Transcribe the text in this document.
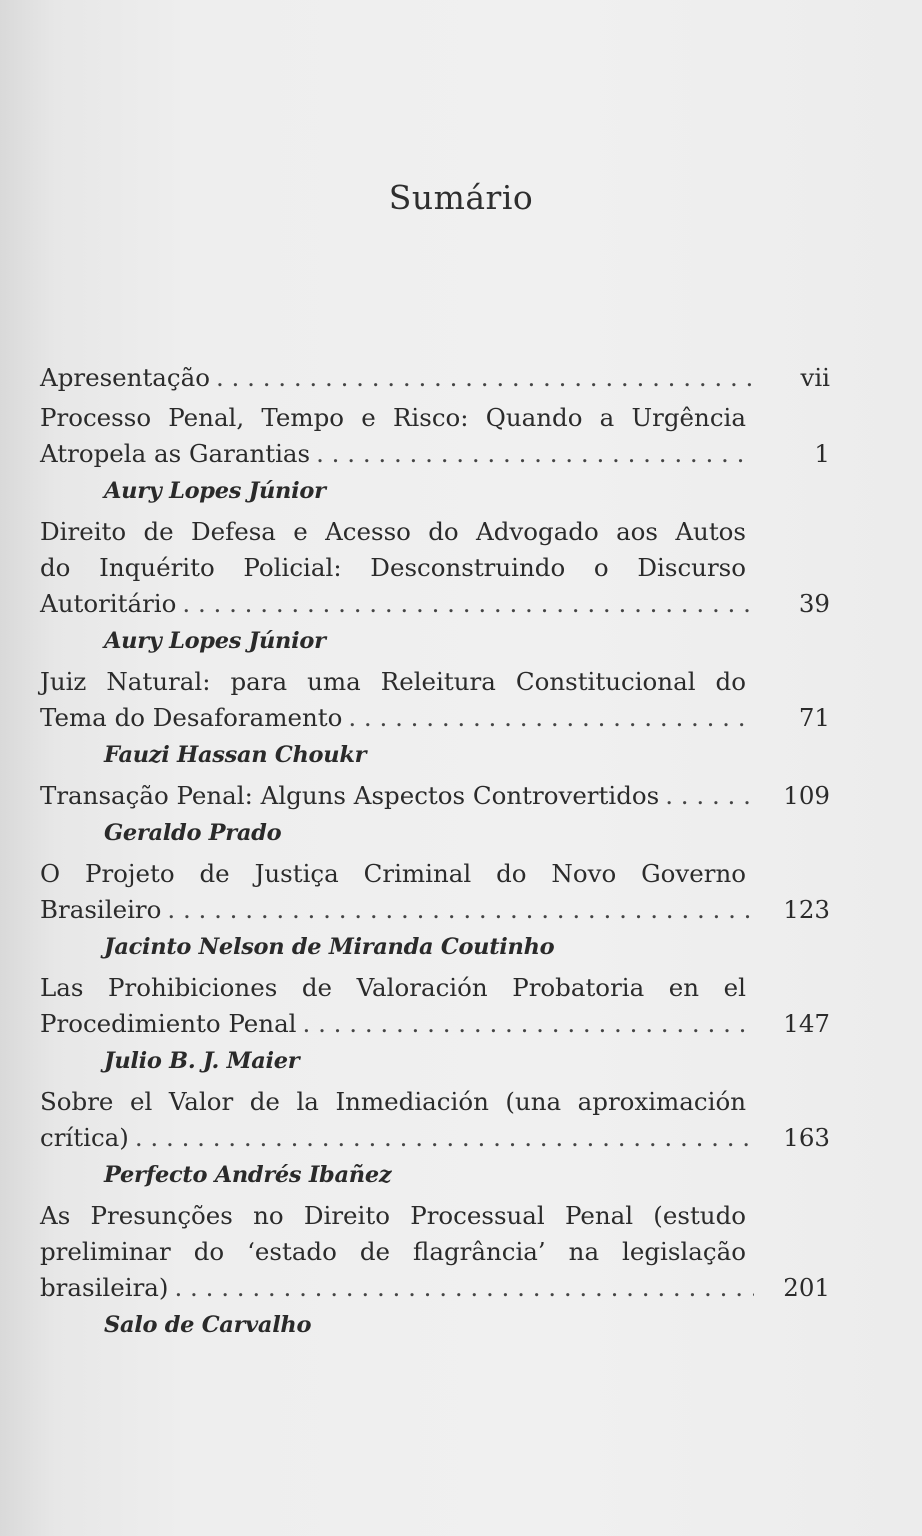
Sumário
Apresentação . . .	vii
Processo Penal, Tempo e Risco: Quando a Urgência
Atropela as Garantias . . .	1
Aury Lopes Júnior
Direito de Defesa e Acesso do Advogado aos Autos
do Inquérito Policial: Desconstruindo o Discurso
Autoritário . . .	39
Aury Lopes Júnior
Juiz Natural: para uma Releitura Constitucional do
Tema do Desaforamento . . .	71
Fauzi Hassan Choukr
Transação Penal: Alguns Aspectos Controvertidos . . .	109
Geraldo Prado
O Projeto de Justiça Criminal do Novo Governo
Brasileiro . . .	123
Jacinto Nelson de Miranda Coutinho
Las Prohibiciones de Valoración Probatoria en el
Procedimiento Penal . . .	147
Julio B. J. Maier
Sobre el Valor de la Inmediación (una aproximación
crítica) . . .	163
Perfecto Andrés Ibañez
As Presunções no Direito Processual Penal (estudo
preliminar do ‘estado de flagrância’ na legislação
brasileira) . . .	201
Salo de Carvalho
